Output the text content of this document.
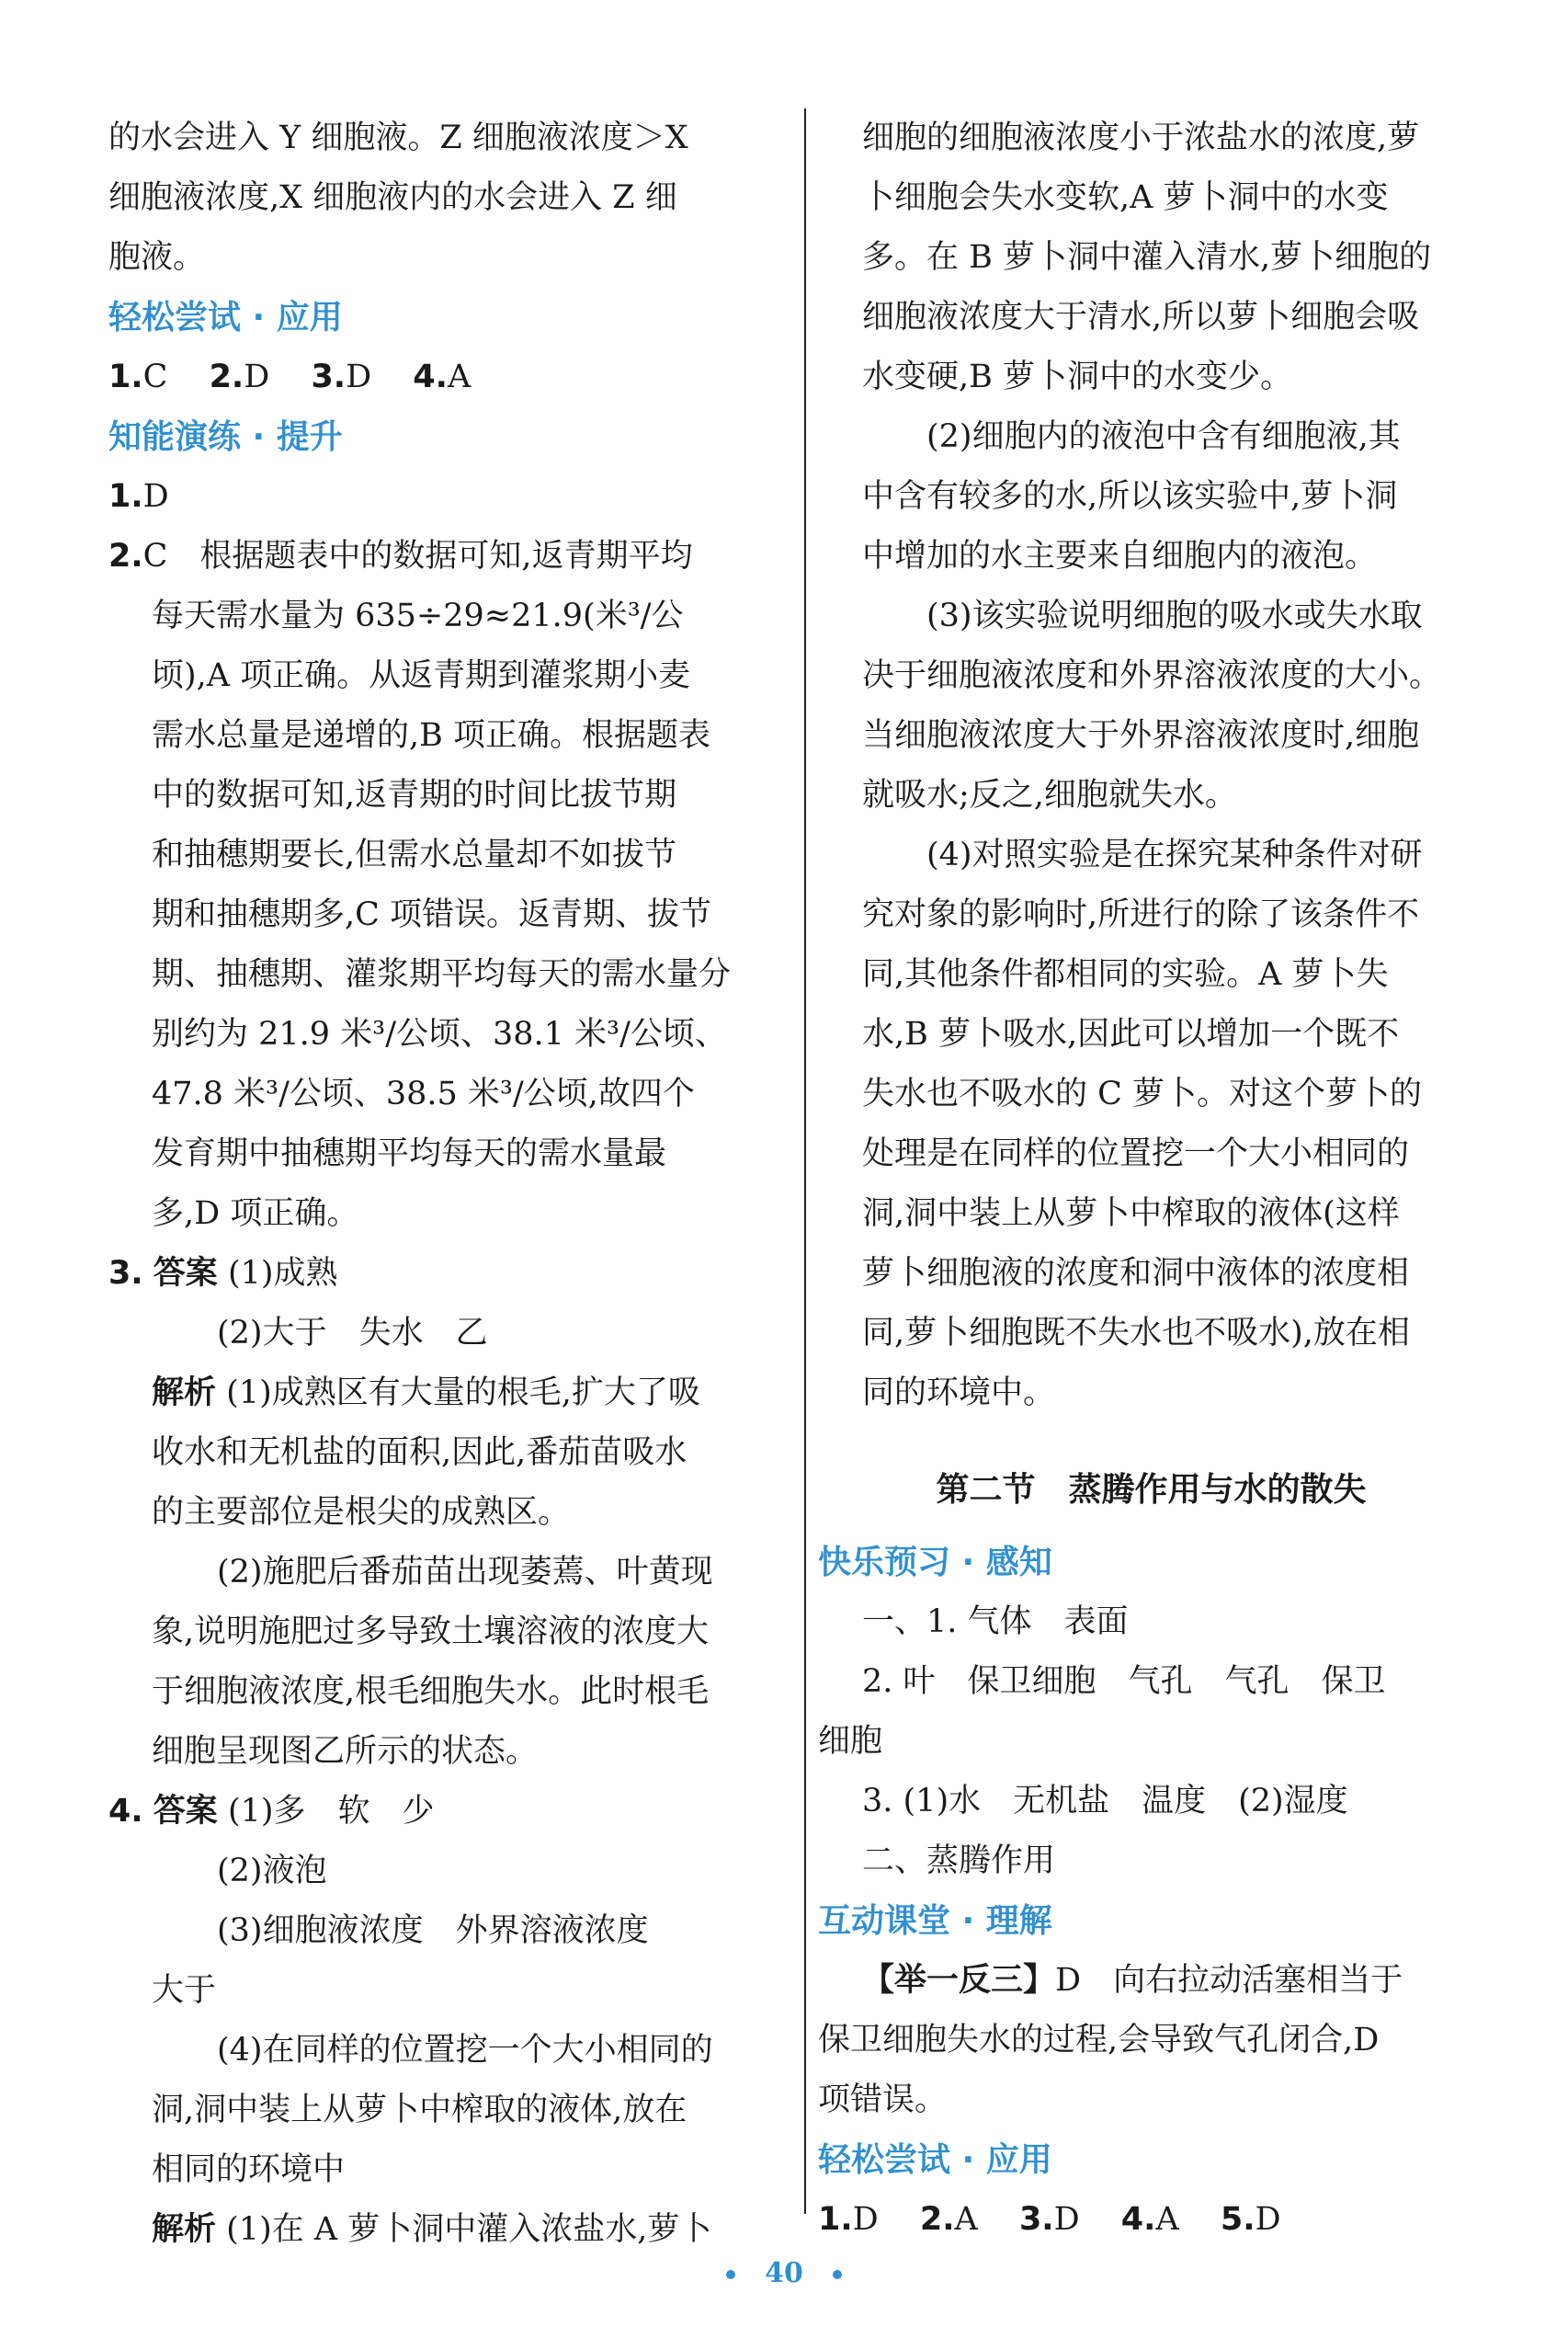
的水会进入 Y 细胞液。Z 细胞液浓度＞X

细胞液浓度,X 细胞液内的水会进入 Z 细

胞液。

轻松尝试 · 应用

1.C 2.D 3.D 4.A

知能演练 · 提升

1.D

2.C　根据题表中的数据可知,返青期平均

每天需水量为 635÷29≈21.9(米³/公

顷),A 项正确。从返青期到灌浆期小麦

需水总量是递增的,B 项正确。根据题表

中的数据可知,返青期的时间比拔节期

和抽穗期要长,但需水总量却不如拔节

期和抽穗期多,C 项错误。返青期、拔节

期、抽穗期、灌浆期平均每天的需水量分

别约为 21.9 米³/公顷、38.1 米³/公顷、

47.8 米³/公顷、38.5 米³/公顷,故四个

发育期中抽穗期平均每天的需水量最

多,D 项正确。

3. 答案 (1)成熟

(2)大于　失水　乙

解析 (1)成熟区有大量的根毛,扩大了吸

收水和无机盐的面积,因此,番茄苗吸水

的主要部位是根尖的成熟区。

(2)施肥后番茄苗出现萎蔫、叶黄现

象,说明施肥过多导致土壤溶液的浓度大

于细胞液浓度,根毛细胞失水。此时根毛

细胞呈现图乙所示的状态。

4. 答案 (1)多　软　少

(2)液泡

(3)细胞液浓度　外界溶液浓度

大于

(4)在同样的位置挖一个大小相同的

洞,洞中装上从萝卜中榨取的液体,放在

相同的环境中

解析 (1)在 A 萝卜洞中灌入浓盐水,萝卜

细胞的细胞液浓度小于浓盐水的浓度,萝

卜细胞会失水变软,A 萝卜洞中的水变

多。在 B 萝卜洞中灌入清水,萝卜细胞的

细胞液浓度大于清水,所以萝卜细胞会吸

水变硬,B 萝卜洞中的水变少。

(2)细胞内的液泡中含有细胞液,其

中含有较多的水,所以该实验中,萝卜洞

中增加的水主要来自细胞内的液泡。

(3)该实验说明细胞的吸水或失水取

决于细胞液浓度和外界溶液浓度的大小。

当细胞液浓度大于外界溶液浓度时,细胞

就吸水;反之,细胞就失水。

(4)对照实验是在探究某种条件对研

究对象的影响时,所进行的除了该条件不

同,其他条件都相同的实验。A 萝卜失

水,B 萝卜吸水,因此可以增加一个既不

失水也不吸水的 C 萝卜。对这个萝卜的

处理是在同样的位置挖一个大小相同的

洞,洞中装上从萝卜中榨取的液体(这样

萝卜细胞液的浓度和洞中液体的浓度相

同,萝卜细胞既不失水也不吸水),放在相

同的环境中。

第二节　蒸腾作用与水的散失

快乐预习 · 感知

一、1. 气体　表面

2. 叶　保卫细胞　气孔　气孔　保卫

细胞

3. (1)水　无机盐　温度　(2)湿度

二、蒸腾作用

互动课堂 · 理解

【举一反三】D　向右拉动活塞相当于

保卫细胞失水的过程,会导致气孔闭合,D

项错误。

轻松尝试 · 应用

1.D 2.A 3.D 4.A 5.D

40
